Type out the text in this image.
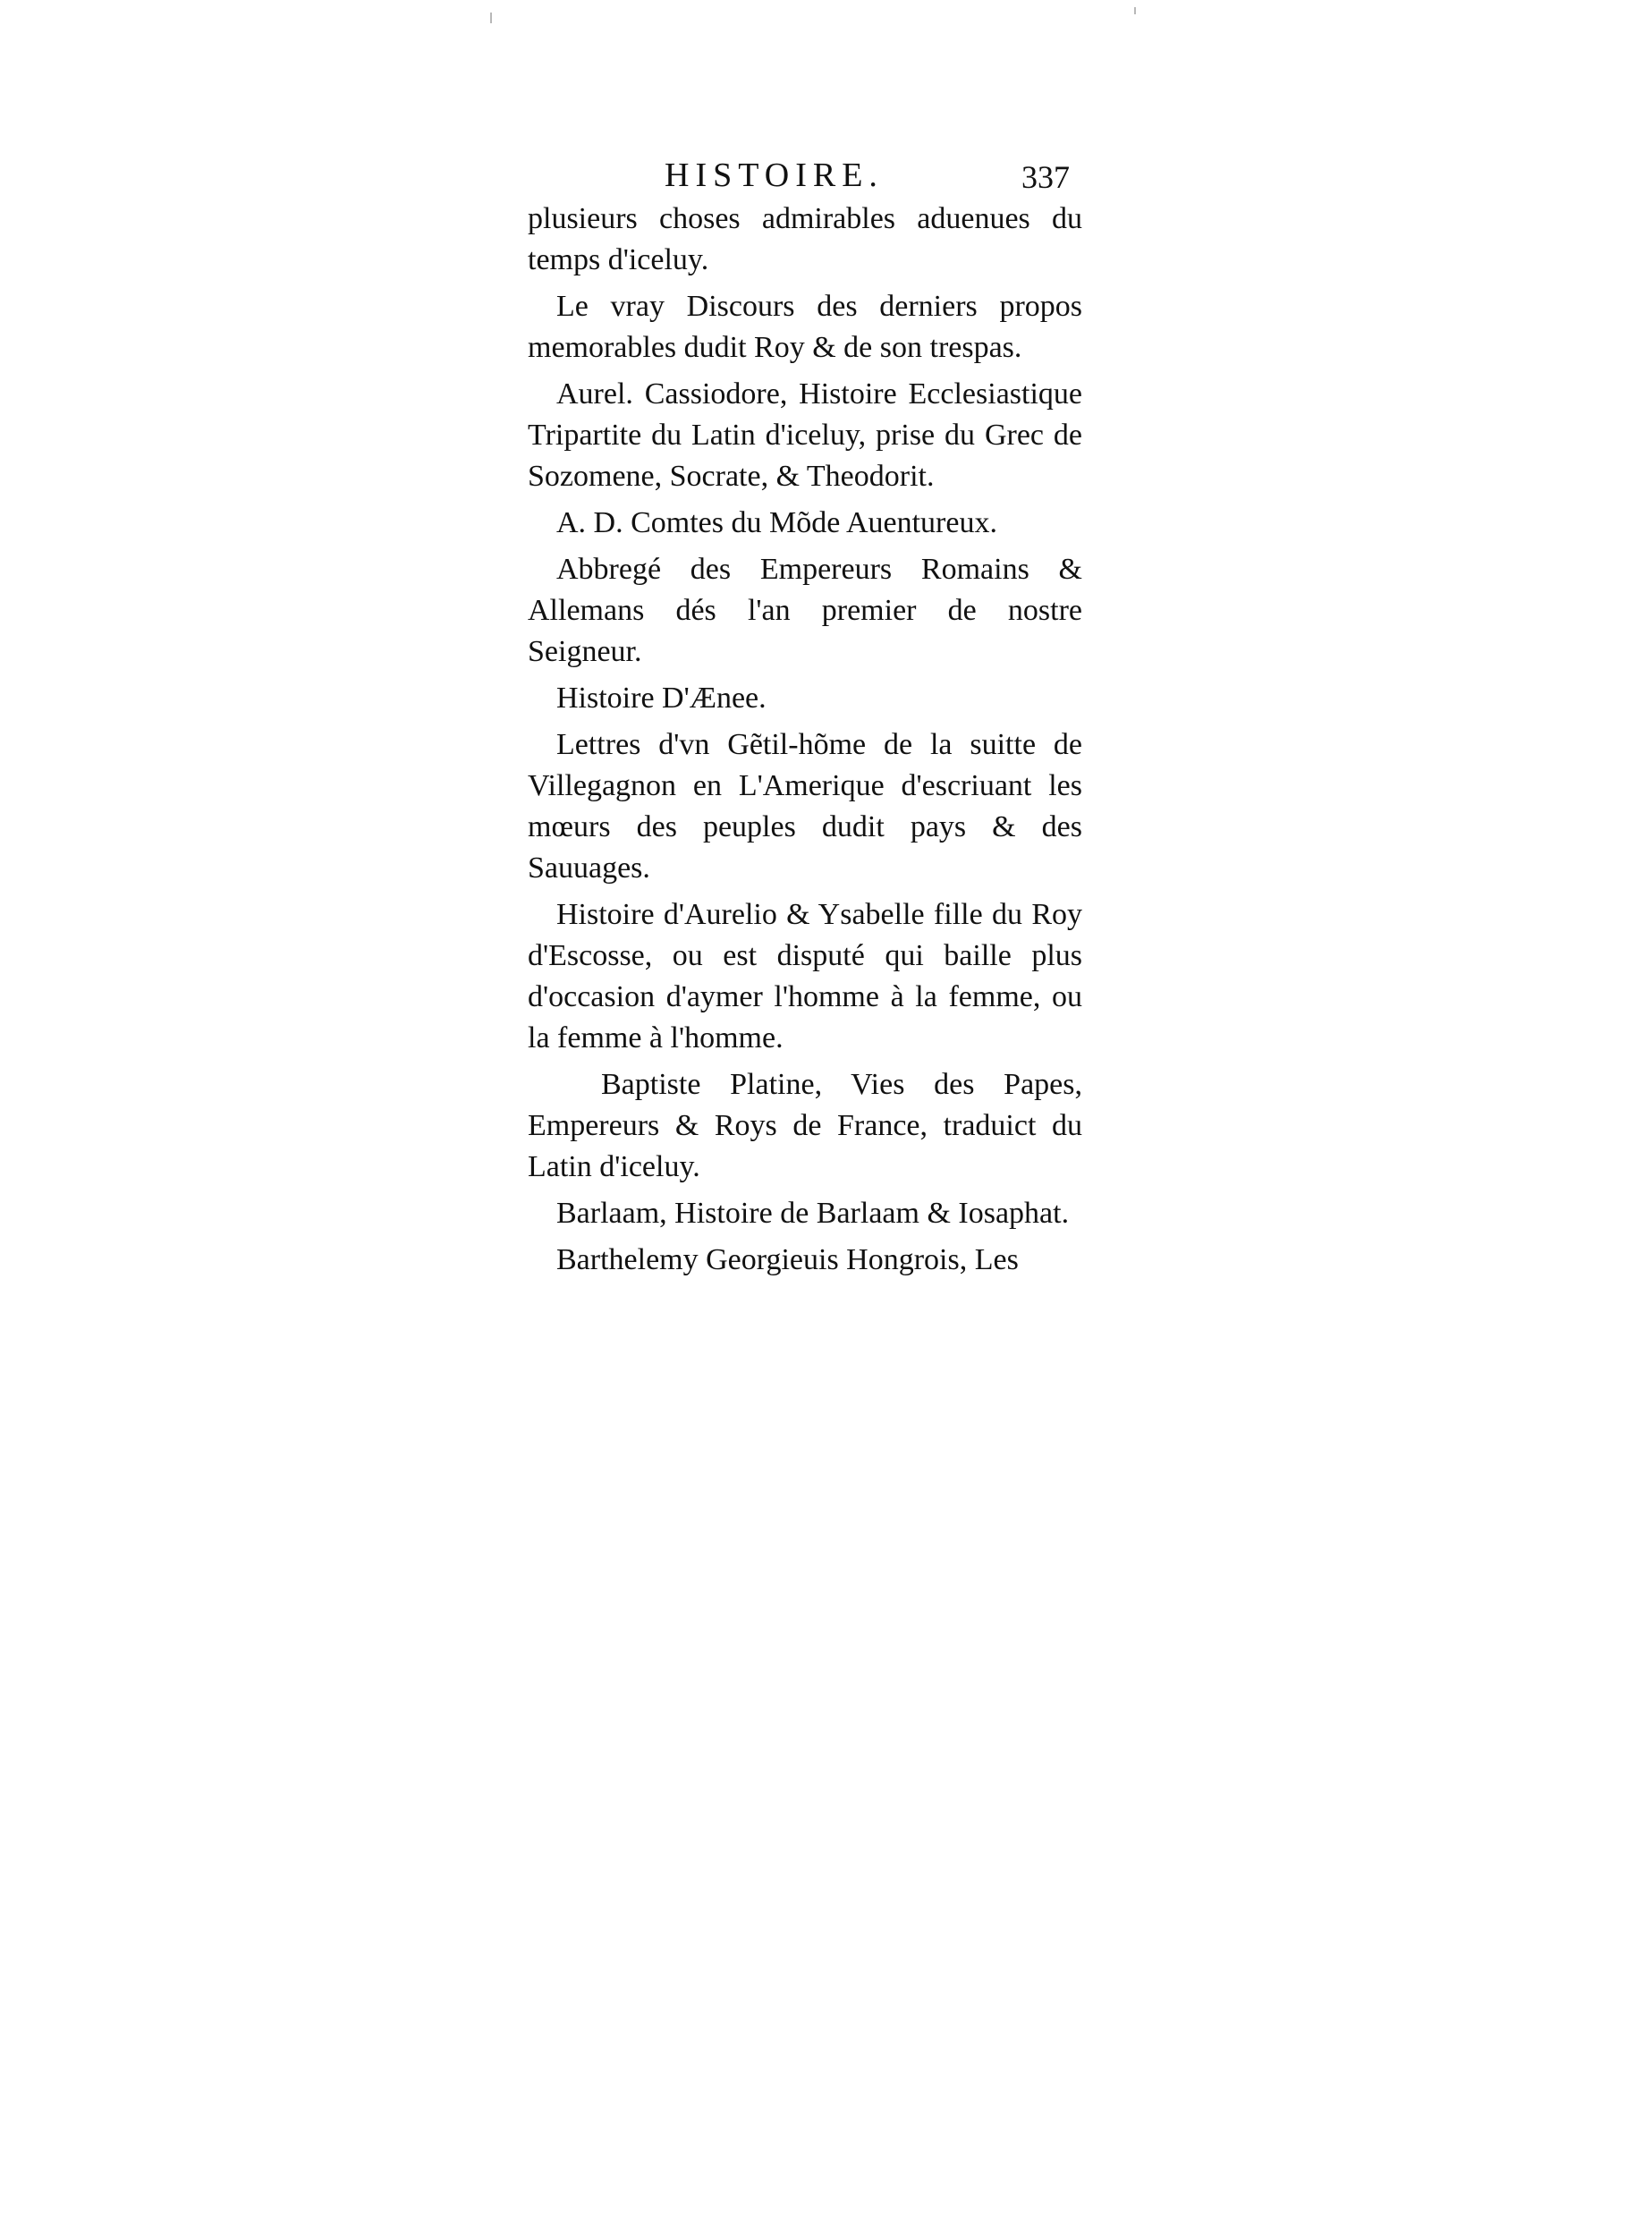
HISTOIRE.	337

plusieurs choses admirables aduenues du temps d'iceluy.

Le vray Discours des derniers propos memorables dudit Roy & de son trespas.

Aurel. Cassiodore, Histoire Ecclesiastique Tripartite du Latin d'iceluy, prise du Grec de Sozomene, Socrate, & Theodorit.

A. D. Comtes du Mõde Auentureux.

Abbregé des Empereurs Romains & Allemans dés l'an premier de nostre Seigneur.

Histoire D'Ænee.

Lettres d'vn Gẽtil-hõme de la suitte de Villegagnon en L'Amerique d'escriuant les mœurs des peuples dudit pays & des Sauuages.

Histoire d'Aurelio & Ysabelle fille du Roy d'Escosse, ou est disputé qui baille plus d'occasion d'aymer l'homme à la femme, ou la femme à l'homme.

Baptiste Platine, Vies des Papes, Empereurs & Roys de France, traduict du Latin d'iceluy.

Barlaam, Histoire de Barlaam & Iosaphat.

Barthelemy Georgieuis Hongrois, Les
